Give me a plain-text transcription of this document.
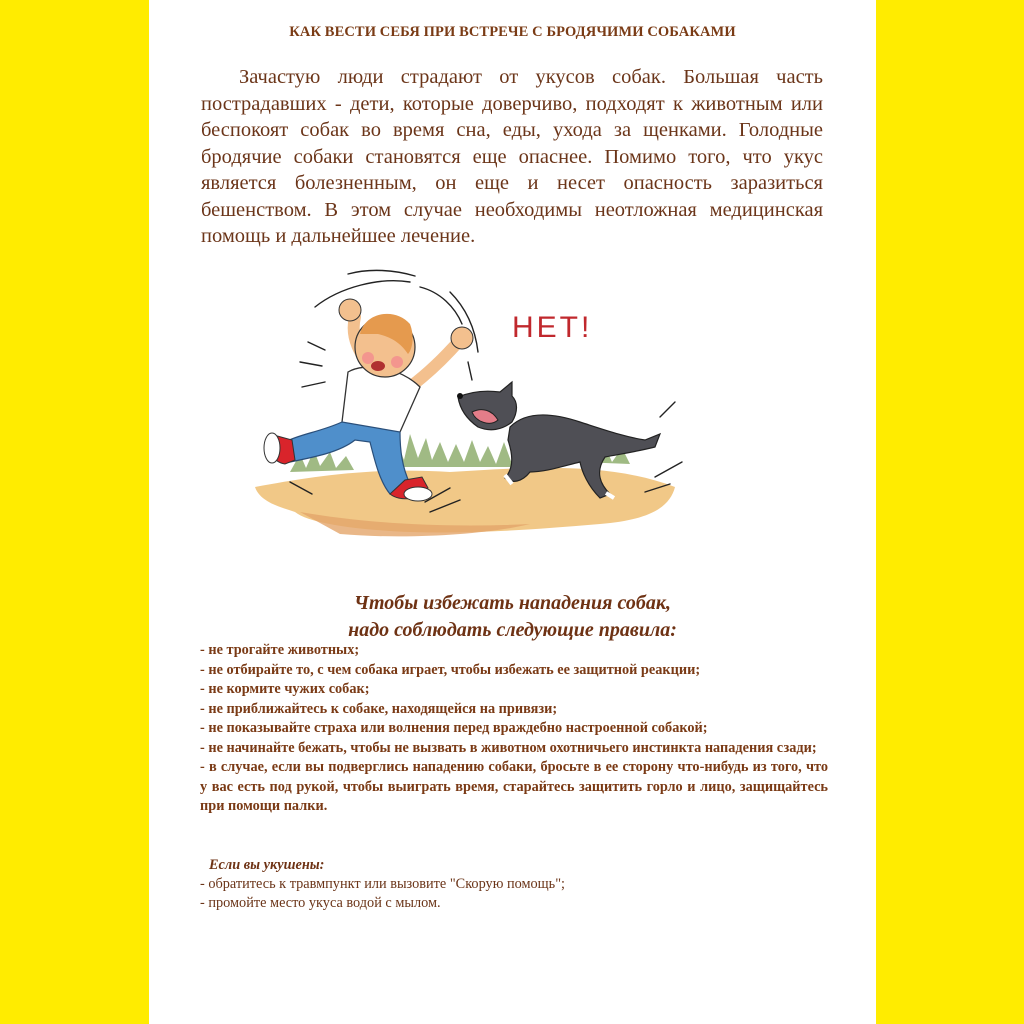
КАК ВЕСТИ СЕБЯ ПРИ ВСТРЕЧЕ С БРОДЯЧИМИ СОБАКАМИ

Зачастую люди страдают от укусов собак. Большая часть пострадавших - дети, которые доверчиво, подходят к животным или беспокоят собак во время сна, еды, ухода за щенками. Голодные бродячие собаки становятся еще опаснее. Помимо того, что укус является болезненным, он еще и несет опасность заразиться бешенством. В этом случае необходимы неотложная медицинская помощь и дальнейшее лечение.

НЕТ!
Чтобы избежать нападения собак,
надо соблюдать следующие правила:
- не трогайте животных;
- не отбирайте то, с чем собака играет, чтобы избежать ее защитной реакции;
- не кормите чужих собак;
- не приближайтесь к собаке, находящейся на привязи;
- не показывайте страха или волнения перед враждебно настроенной собакой;
- не начинайте бежать, чтобы не вызвать в животном охотничьего инстинкта нападения сзади;
- в случае, если вы подверглись нападению собаки, бросьте в ее сторону что-нибудь из того, что у вас есть под рукой, чтобы выиграть время, старайтесь защитить горло и лицо, защищайтесь при помощи палки.
Если вы укушены:
- обратитесь к травмпункт или вызовите "Скорую помощь";
- промойте место укуса водой с мылом.
